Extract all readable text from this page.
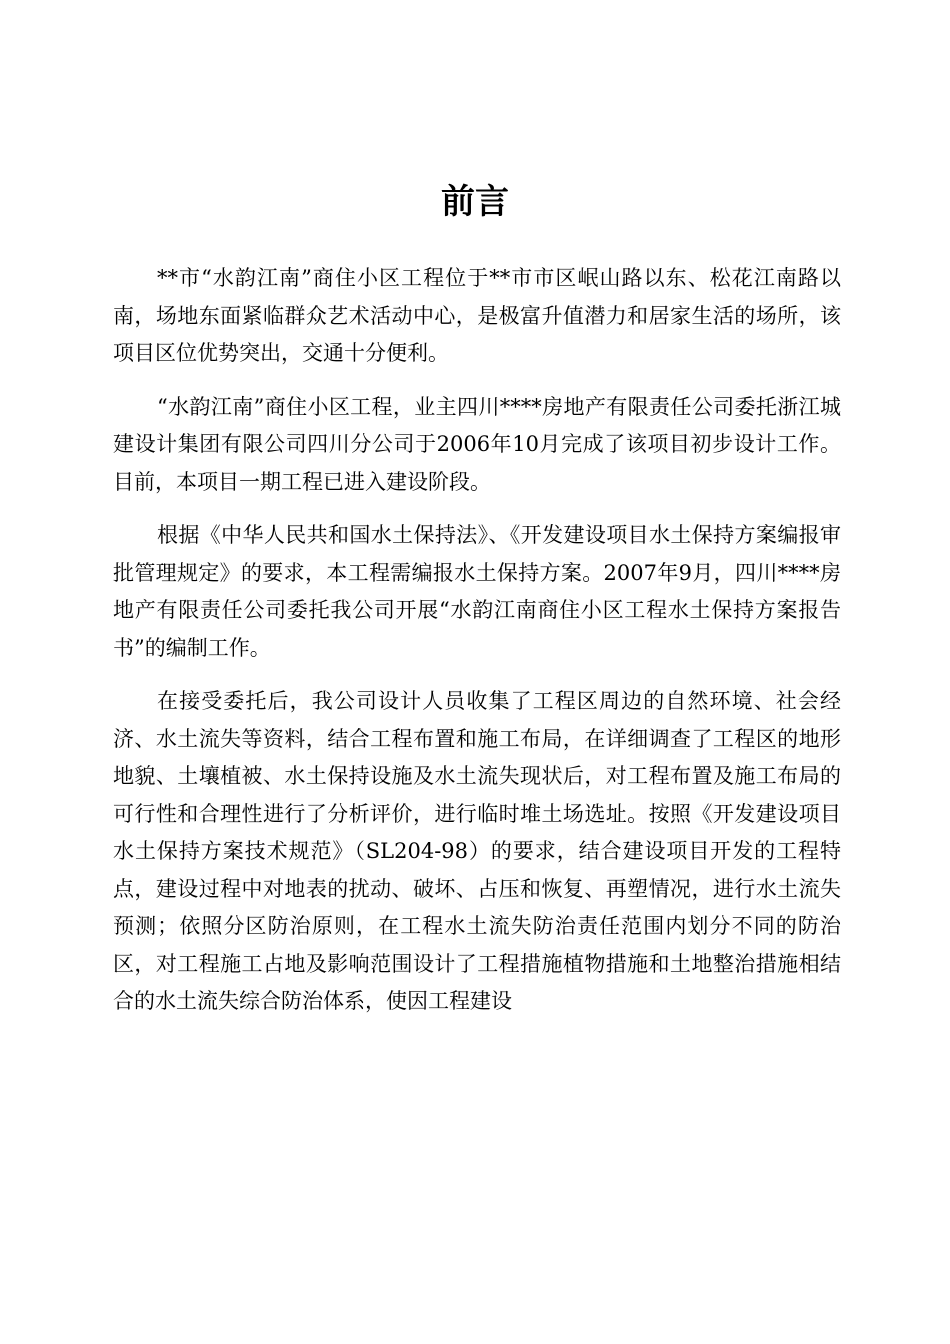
前言

**市“水韵江南”商住小区工程位于**市市区岷山路以东、松花江南路以南，场地东面紧临群众艺术活动中心，是极富升值潜力和居家生活的场所，该项目区位优势突出，交通十分便利。

“水韵江南”商住小区工程，业主四川****房地产有限责任公司委托浙江城建设计集团有限公司四川分公司于2006年10月完成了该项目初步设计工作。目前，本项目一期工程已进入建设阶段。

根据《中华人民共和国水土保持法》、《开发建设项目水土保持方案编报审批管理规定》的要求，本工程需编报水土保持方案。2007年9月，四川****房地产有限责任公司委托我公司开展“水韵江南商住小区工程水土保持方案报告书”的编制工作。

在接受委托后，我公司设计人员收集了工程区周边的自然环境、社会经济、水土流失等资料，结合工程布置和施工布局，在详细调查了工程区的地形地貌、土壤植被、水土保持设施及水土流失现状后，对工程布置及施工布局的可行性和合理性进行了分析评价，进行临时堆土场选址。按照《开发建设项目水土保持方案技术规范》（SL204-98）的要求，结合建设项目开发的工程特点，建设过程中对地表的扰动、破坏、占压和恢复、再塑情况，进行水土流失预测；依照分区防治原则，在工程水土流失防治责任范围内划分不同的防治区，对工程施工占地及影响范围设计了工程措施植物措施和土地整治措施相结合的水土流失综合防治体系，使因工程建设
